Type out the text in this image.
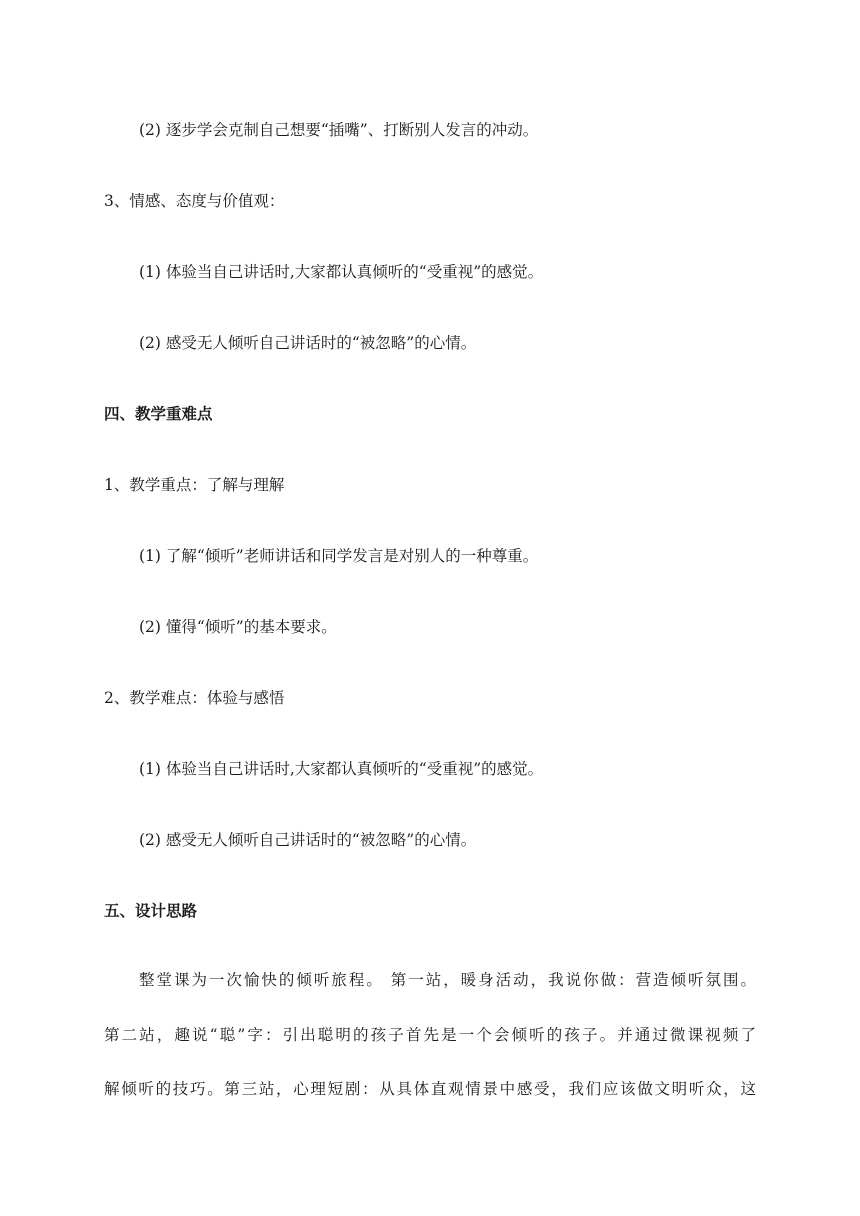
(2) 逐步学会克制自己想要“插嘴”、打断别人发言的冲动。
3、情感、态度与价值观：
(1) 体验当自己讲话时,大家都认真倾听的“受重视”的感觉。
(2) 感受无人倾听自己讲话时的“被忽略”的心情。
四、教学重难点
1、教学重点：了解与理解
(1) 了解“倾听”老师讲话和同学发言是对别人的一种尊重。
(2) 懂得“倾听”的基本要求。
2、教学难点：体验与感悟
(1) 体验当自己讲话时,大家都认真倾听的“受重视”的感觉。
(2) 感受无人倾听自己讲话时的“被忽略”的心情。
五、设计思路
　　整堂课为一次愉快的倾听旅程。 第一站，暖身活动，我说你做：营造倾听氛围。
第二站，趣说“聪”字：引出聪明的孩子首先是一个会倾听的孩子。并通过微课视频了
解倾听的技巧。第三站，心理短剧：从具体直观情景中感受，我们应该做文明听众，这
